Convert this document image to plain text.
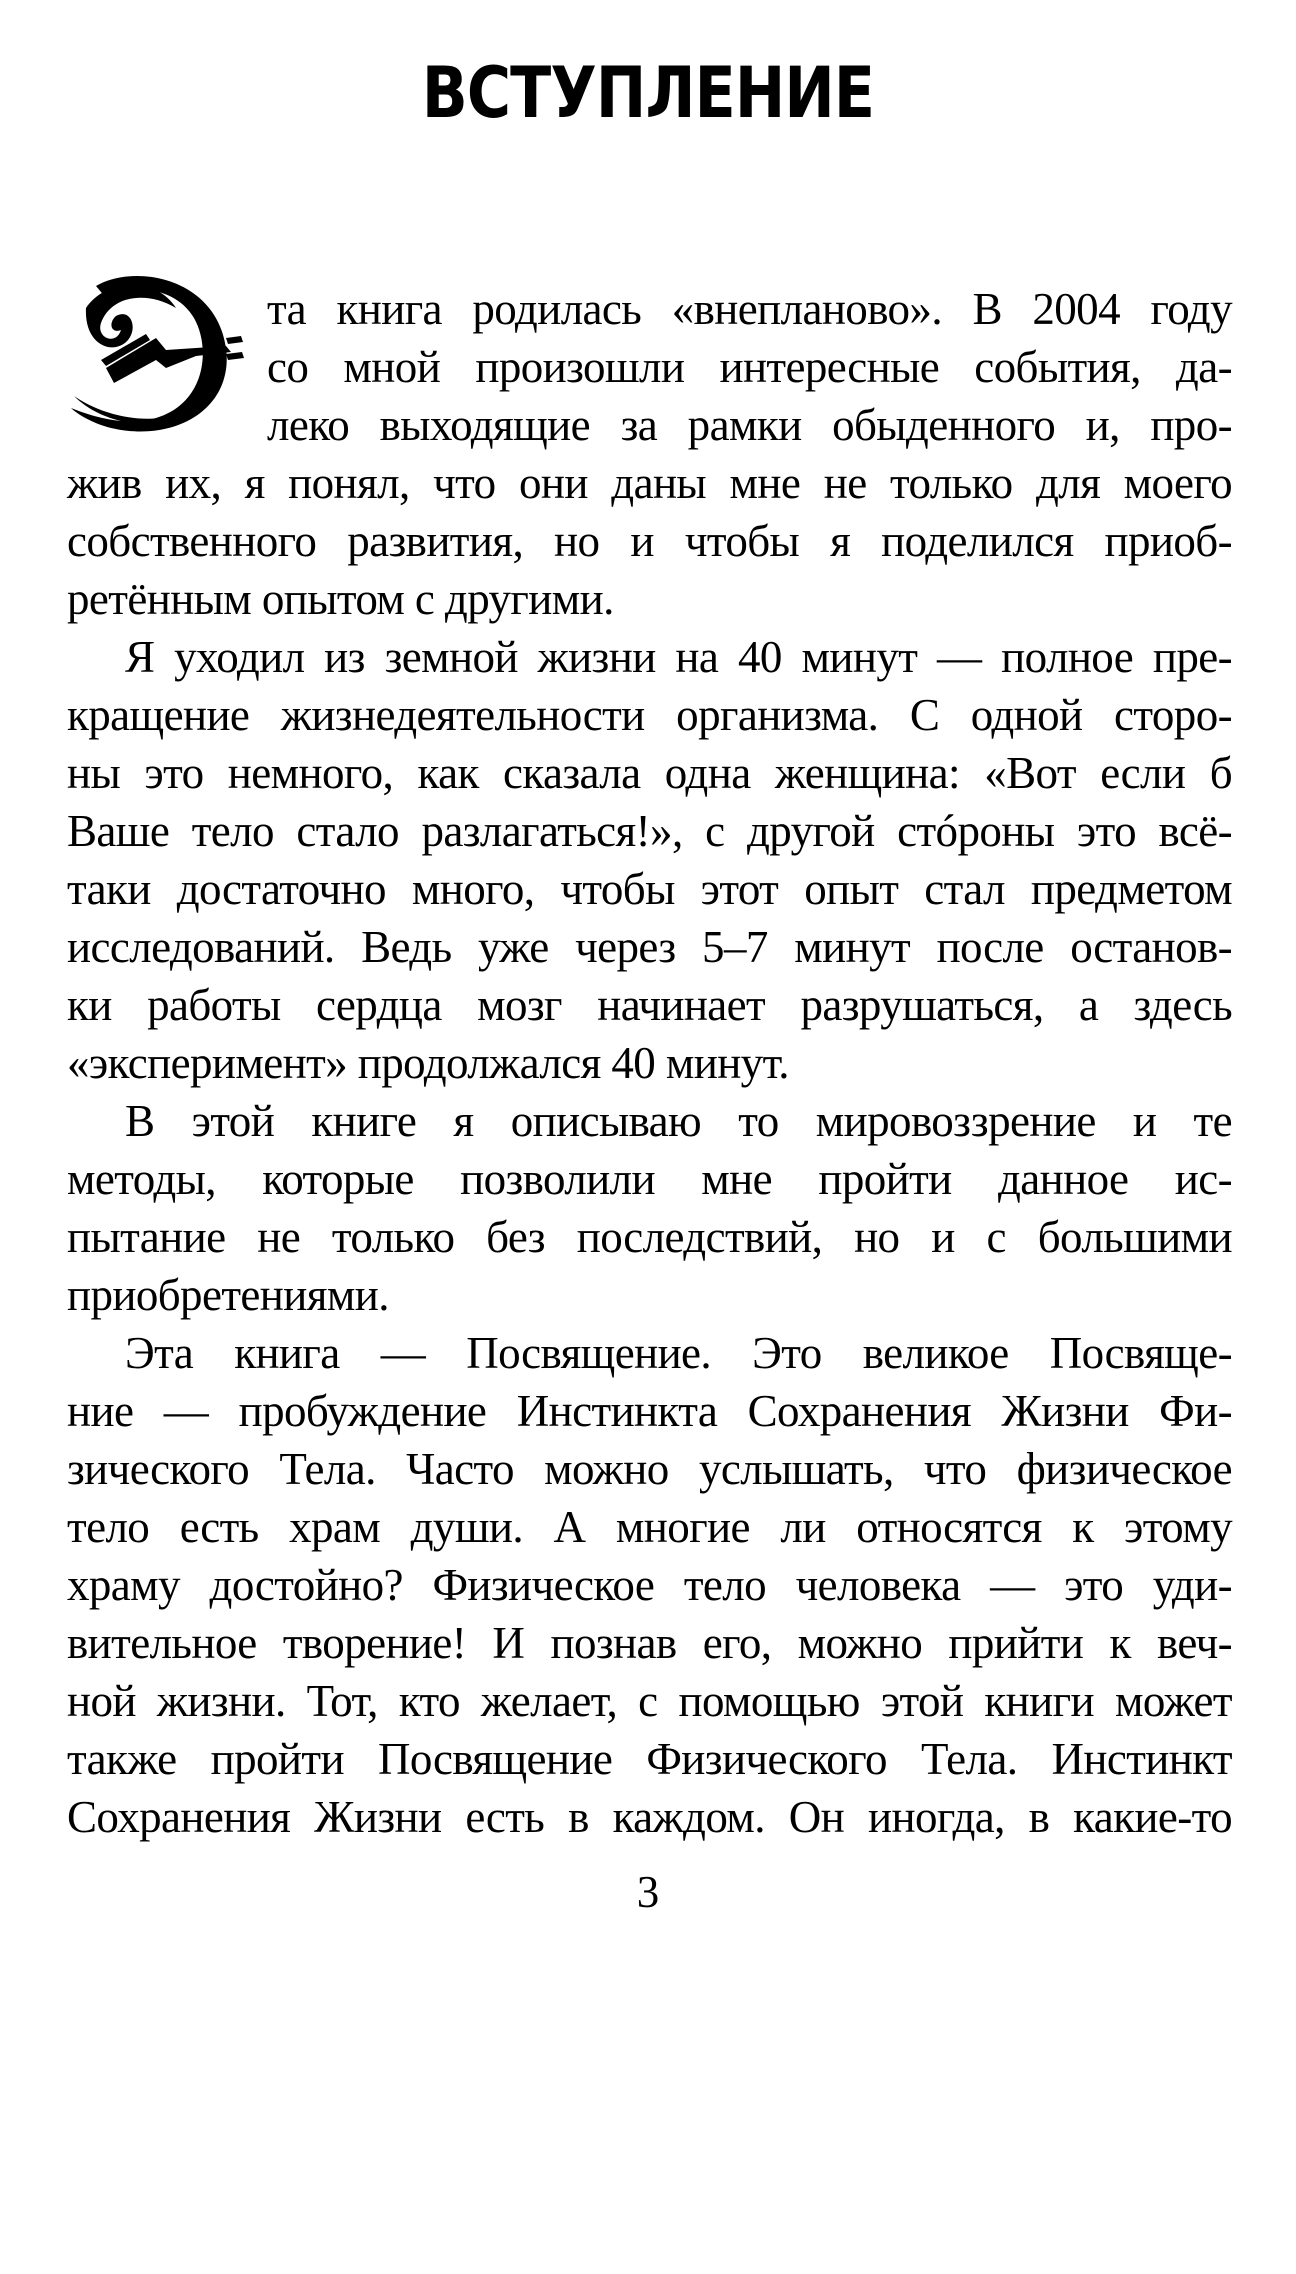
ВСТУПЛЕНИЕ
та книга родилась «внепланово». В 2004 году
со мной произошли интересные события, да-
леко выходящие за рамки обыденного и, про-
жив их, я понял, что они даны мне не только для моего
собственного развития, но и чтобы я поделился приоб-
ретённым опытом с другими.
Я уходил из земной жизни на 40 минут — полное пре-
кращение жизнедеятельности организма. С одной сторо-
ны это немного, как сказала одна женщина: «Вот если б
Ваше тело стало разлагаться!», с другой стóроны это всё-
таки достаточно много, чтобы этот опыт стал предметом
исследований. Ведь уже через 5–7 минут после останов-
ки работы сердца мозг начинает разрушаться, а здесь
«эксперимент» продолжался 40 минут.
В этой книге я описываю то мировоззрение и те
методы, которые позволили мне пройти данное ис-
пытание не только без последствий, но и с большими
приобретениями.
Эта книга — Посвящение. Это великое Посвяще-
ние — пробуждение Инстинкта Сохранения Жизни Фи-
зического Тела. Часто можно услышать, что физическое
тело есть храм души. А многие ли относятся к этому
храму достойно? Физическое тело человека — это уди-
вительное творение! И познав его, можно прийти к веч-
ной жизни. Тот, кто желает, с помощью этой книги может
также пройти Посвящение Физического Тела. Инстинкт
Сохранения Жизни есть в каждом. Он иногда, в какие-то
3
